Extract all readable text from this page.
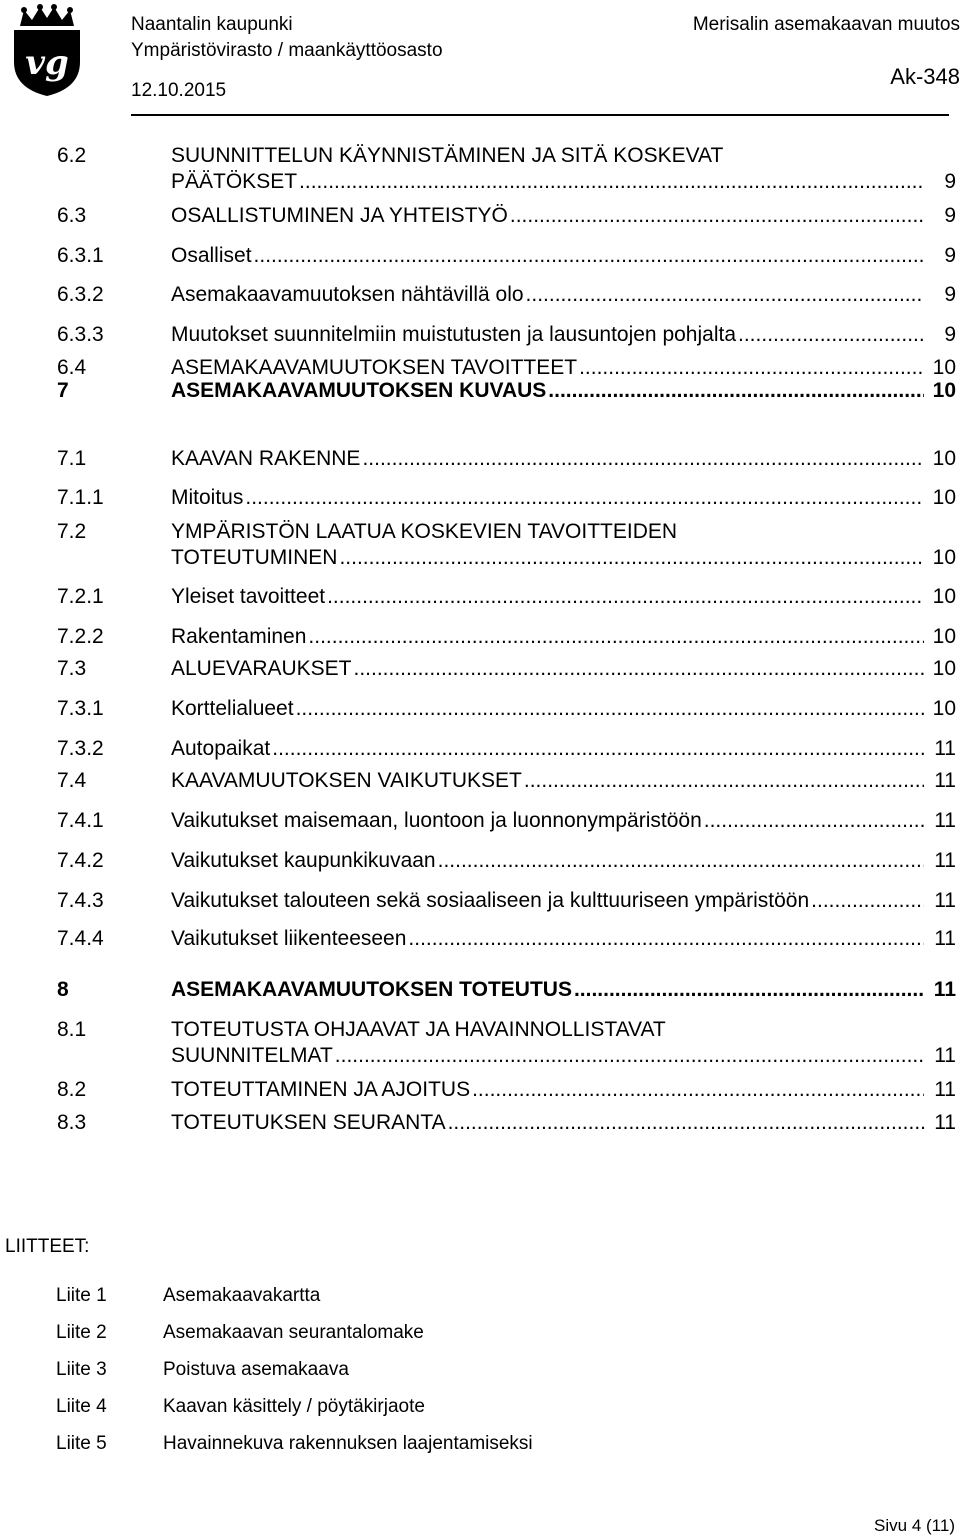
vg
Naantalin kaupunki
Ympäristövirasto / maankäyttöosasto
12.10.2015
Merisalin asemakaavan muutos
Ak-348
6.2	SUUNNITTELUN KÄYNNISTÄMINEN JA SITÄ KOSKEVAT
PÄÄTÖKSET .....	9
6.3	OSALLISTUMINEN JA YHTEISTYÖ .....	9
6.3.1	Osalliset .....	9
6.3.2	Asemakaavamuutoksen nähtävillä olo .....	9
6.3.3	Muutokset suunnitelmiin muistutusten ja lausuntojen pohjalta .....	9
6.4	ASEMAKAAVAMUUTOKSEN TAVOITTEET .....	10
7	ASEMAKAAVAMUUTOKSEN KUVAUS .....	10
7.1	KAAVAN RAKENNE .....	10
7.1.1	Mitoitus .....	10
7.2	YMPÄRISTÖN LAATUA KOSKEVIEN TAVOITTEIDEN
TOTEUTUMINEN .....	10
7.2.1	Yleiset tavoitteet .....	10
7.2.2	Rakentaminen .....	10
7.3	ALUEVARAUKSET .....	10
7.3.1	Korttelialueet .....	10
7.3.2	Autopaikat .....	11
7.4	KAAVAMUUTOKSEN VAIKUTUKSET .....	11
7.4.1	Vaikutukset maisemaan, luontoon ja luonnonympäristöön .....	11
7.4.2	Vaikutukset kaupunkikuvaan .....	11
7.4.3	Vaikutukset talouteen sekä sosiaaliseen ja kulttuuriseen ympäristöön .....	11
7.4.4	Vaikutukset liikenteeseen .....	11
8	ASEMAKAAVAMUUTOKSEN TOTEUTUS .....	11
8.1	TOTEUTUSTA OHJAAVAT JA HAVAINNOLLISTAVAT
SUUNNITELMAT .....	11
8.2	TOTEUTTAMINEN JA AJOITUS .....	11
8.3	TOTEUTUKSEN SEURANTA .....	11
LIITTEET:
Liite 1	Asemakaavakartta
Liite 2	Asemakaavan seurantalomake
Liite 3	Poistuva asemakaava
Liite 4	Kaavan käsittely / pöytäkirjaote
Liite 5	Havainnekuva rakennuksen laajentamiseksi
Sivu 4 (11)
